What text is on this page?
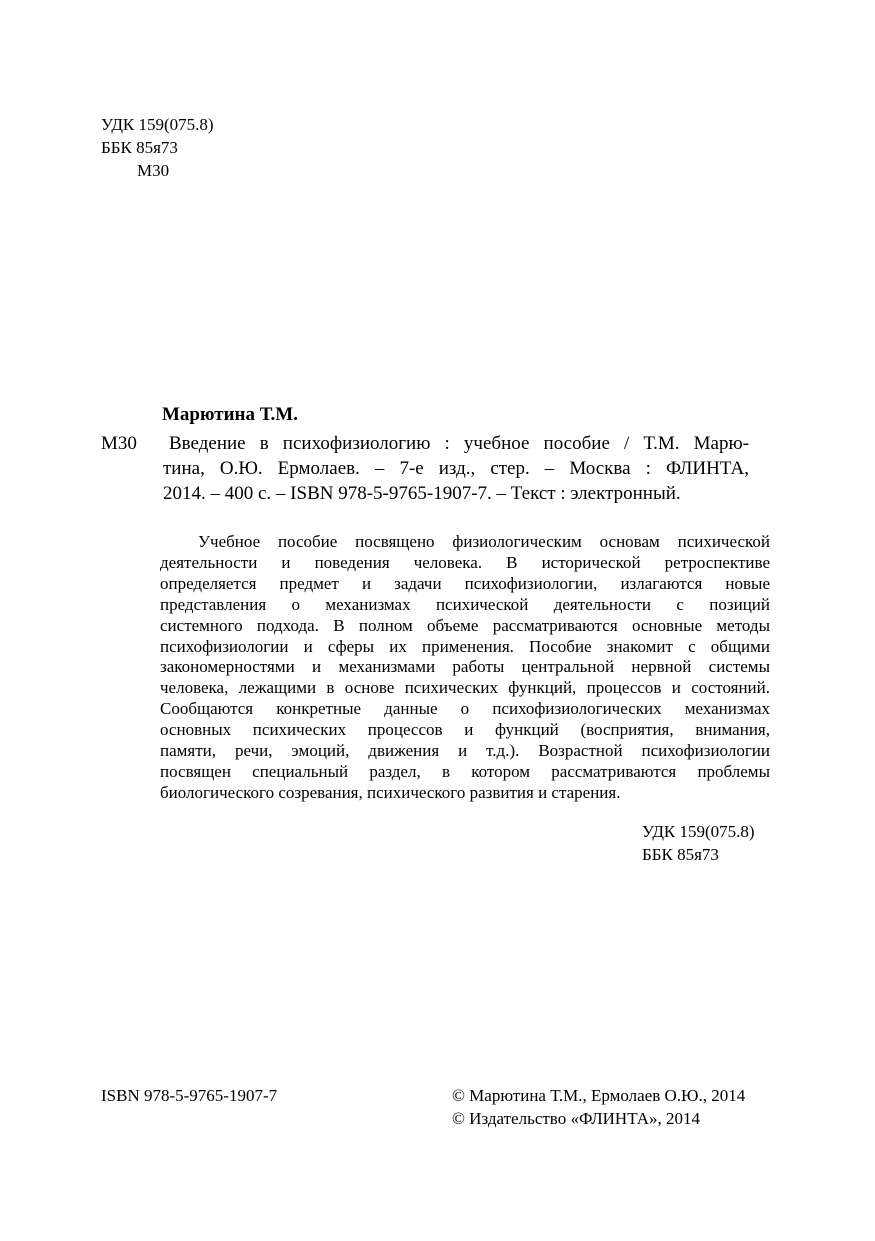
УДК 159(075.8)
ББК 85я73
М30
Марютина Т.М.
М30	Введение в психофизиологию : учебное пособие / Т.М. Марю-
тина, О.Ю. Ермолаев. – 7-е изд., стер. – Москва : ФЛИНТА,
2014. – 400 с. – ISBN 978-5-9765-1907-7. – Текст : электронный.
Учебное пособие посвящено физиологическим основам психической
деятельности и поведения человека. В исторической ретроспективе
определяется предмет и задачи психофизиологии, излагаются новые
представления о механизмах психической деятельности с позиций
системного подхода. В полном объеме рассматриваются основные методы
психофизиологии и сферы их применения. Пособие знакомит с общими
закономерностями и механизмами работы центральной нервной системы
человека, лежащими в основе психических функций, процессов и состояний.
Сообщаются конкретные данные о психофизиологических механизмах
основных психических процессов и функций (восприятия, внимания,
памяти, речи, эмоций, движения и т.д.). Возрастной психофизиологии
посвящен специальный раздел, в котором рассматриваются проблемы
биологического созревания, психического развития и старения.
УДК 159(075.8)
ББК 85я73
ISBN 978-5-9765-1907-7	© Марютина Т.М., Ермолаев О.Ю., 2014
© Издательство «ФЛИНТА», 2014
